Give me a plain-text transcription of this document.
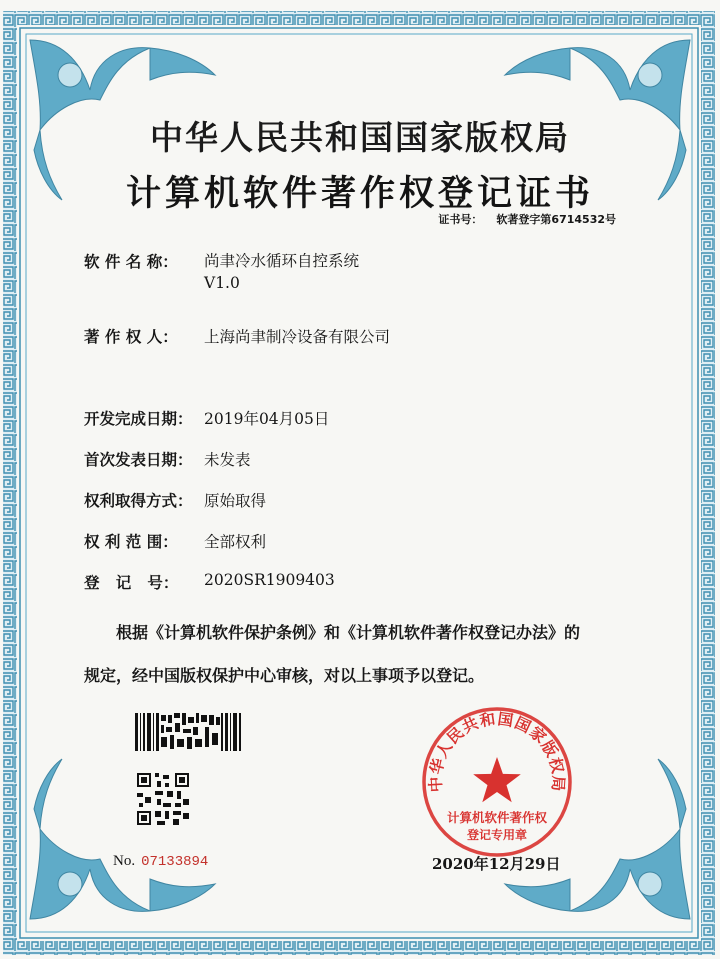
中华人民共和国国家版权局
计算机软件著作权登记证书
证书号： 软著登字第6714532号
软 件 名 称：	尚聿冷水循环自控系统
V1.0
著 作 权 人：	上海尚聿制冷设备有限公司
开发完成日期： 2019年04月05日
首次发表日期： 未发表
权利取得方式： 原始取得
权 利 范 围：	全部权利
登   记   号：	2020SR1909403

根据《计算机软件保护条例》和《计算机软件著作权登记办法》的

规定，经中国版权保护中心审核，对以上事项予以登记。

No. 07133894
中华人民共和国国家版权局
计算机软件著作权
登记专用章
2020年12月29日
